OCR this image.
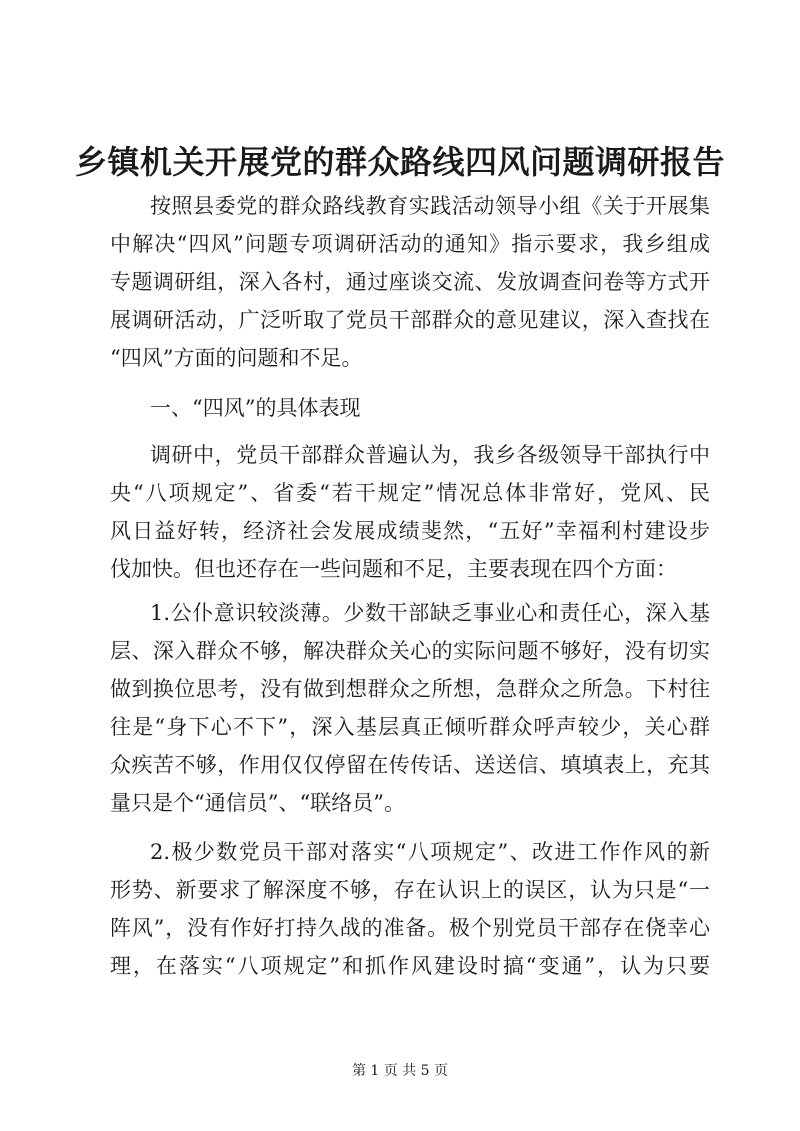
乡镇机关开展党的群众路线四风问题调研报告
按照县委党的群众路线教育实践活动领导小组《关于开展集
中解决“四风”问题专项调研活动的通知》指示要求，我乡组成
专题调研组，深入各村，通过座谈交流、发放调查问卷等方式开
展调研活动，广泛听取了党员干部群众的意见建议，深入查找在
“四风”方面的问题和不足。
一、“四风”的具体表现
调研中，党员干部群众普遍认为，我乡各级领导干部执行中
央“八项规定”、省委“若干规定”情况总体非常好，党风、民
风日益好转，经济社会发展成绩斐然，“五好”幸福利村建设步
伐加快。但也还存在一些问题和不足，主要表现在四个方面：
1.公仆意识较淡薄。少数干部缺乏事业心和责任心，深入基
层、深入群众不够，解决群众关心的实际问题不够好，没有切实
做到换位思考，没有做到想群众之所想，急群众之所急。下村往
往是“身下心不下”，深入基层真正倾听群众呼声较少，关心群
众疾苦不够，作用仅仅停留在传传话、送送信、填填表上，充其
量只是个“通信员”、“联络员”。
2.极少数党员干部对落实“八项规定”、改进工作作风的新
形势、新要求了解深度不够，存在认识上的误区，认为只是“一
阵风”，没有作好打持久战的准备。极个别党员干部存在侥幸心
理，在落实“八项规定”和抓作风建设时搞“变通”，认为只要
第 1 页 共 5 页
